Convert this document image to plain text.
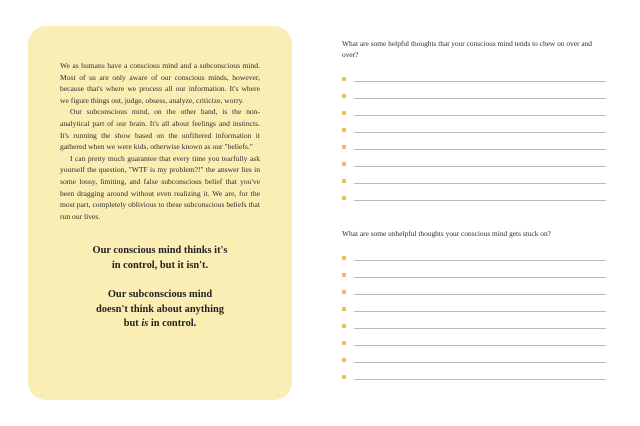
We as humans have a conscious mind and a subconscious mind. Most of us are only aware of our conscious minds, however, because that's where we process all our information. It's where we figure things out, judge, obsess, analyze, criticize, worry.

Our subconscious mind, on the other hand, is the non-analytical part of our brain. It's all about feelings and instincts. It's running the show based on the unfiltered information it gathered when we were kids, otherwise known as our "beliefs."

I can pretty much guarantee that every time you tearfully ask yourself the question, "WTF is my problem?!" the answer lies in some lousy, limiting, and false subconscious belief that you've been dragging around without even realizing it. We are, for the most part, completely oblivious to these subconscious beliefs that run our lives.

Our conscious mind thinks it's
in control, but it isn't.
Our subconscious mind
doesn't think about anything
but is in control.

What are some helpful thoughts that your conscious mind tends to chew on over and over?

What are some unhelpful thoughts your conscious mind gets stuck on?
